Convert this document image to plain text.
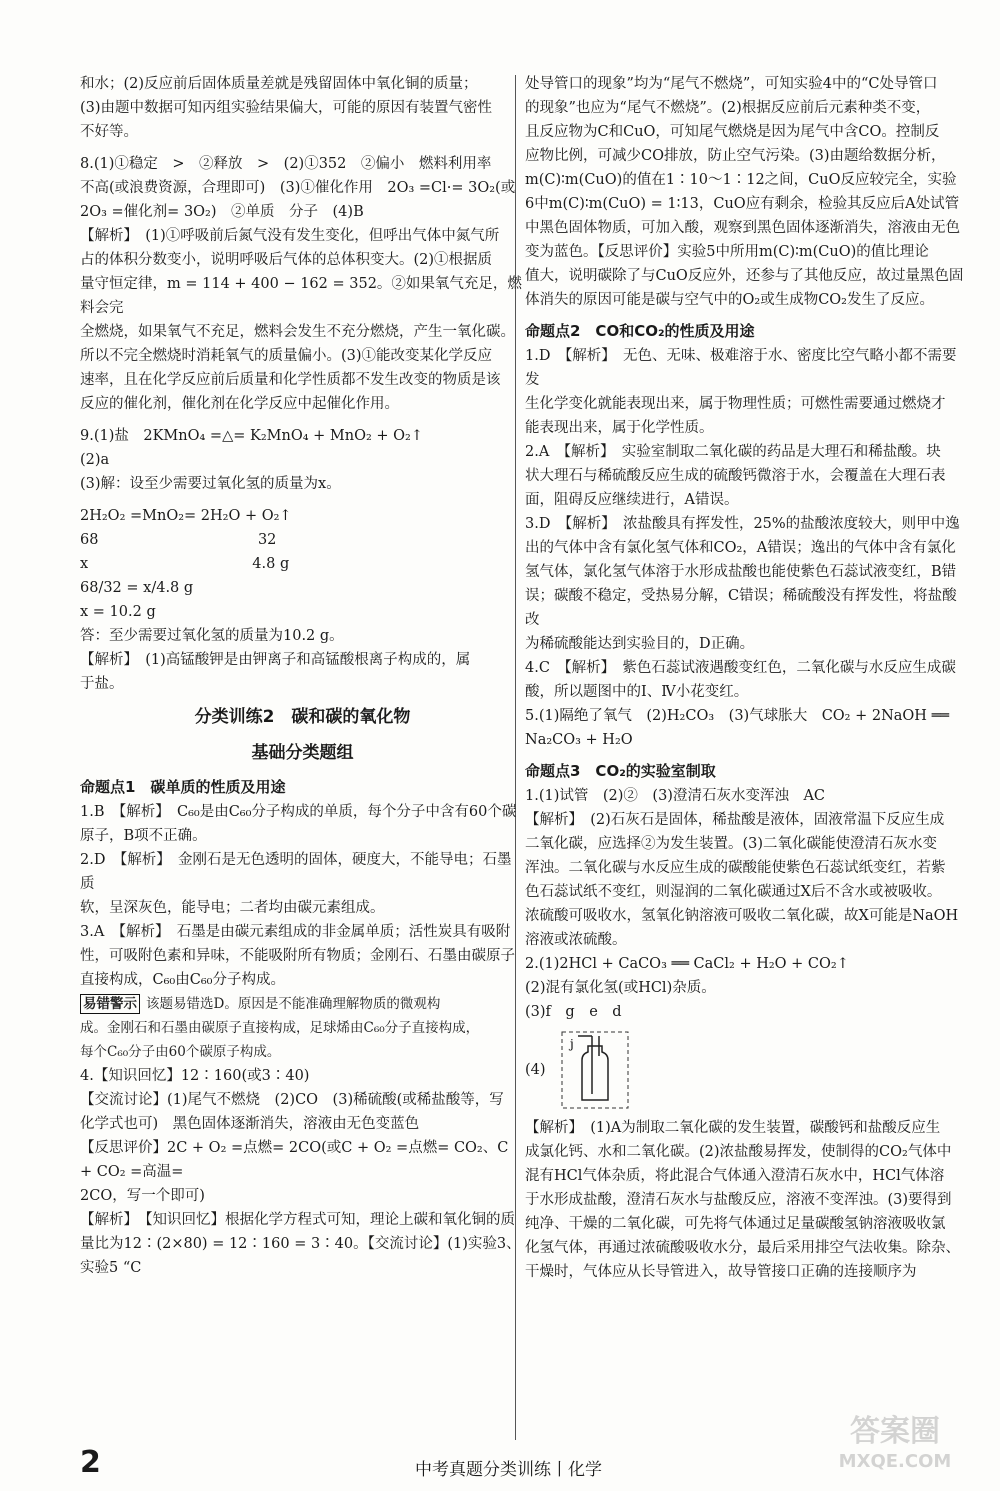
和水；(2)反应前后固体质量差就是残留固体中氧化铜的质量；
(3)由题中数据可知丙组实验结果偏大，可能的原因有装置气密性
不好等。
8.(1)①稳定　>　②释放　>　(2)①352　②偏小　燃料利用率
不高(或浪费资源，合理即可)　(3)①催化作用　2O₃ =Cl·= 3O₂(或
2O₃ =催化剂= 3O₂)　②单质　分子　(4)B
【解析】　(1)①呼吸前后氮气没有发生变化，但呼出气体中氮气所
占的体积分数变小，说明呼吸后气体的总体积变大。(2)①根据质
量守恒定律，m = 114 + 400 − 162 = 352。②如果氧气充足，燃料会完
全燃烧，如果氧气不充足，燃料会发生不充分燃烧，产生一氧化碳。
所以不完全燃烧时消耗氧气的质量偏小。(3)①能改变某化学反应
速率，且在化学反应前后质量和化学性质都不发生改变的物质是该
反应的催化剂，催化剂在化学反应中起催化作用。
9.(1)盐　2KMnO₄ =△= K₂MnO₄ + MnO₂ + O₂↑
(2)a
(3)解：设至少需要过氧化氢的质量为x。
2H₂O₂ =MnO₂= 2H₂O + O₂↑
68　　　　　　　　　　　32
x　　　　　　　　　　　 4.8 g
68/32 = x/4.8 g
x = 10.2 g
答：至少需要过氧化氢的质量为10.2 g。
【解析】　(1)高锰酸钾是由钾离子和高锰酸根离子构成的，属
于盐。
分类训练2　碳和碳的氧化物
基础分类题组
命题点1　碳单质的性质及用途
1.B　【解析】　C₆₀是由C₆₀分子构成的单质，每个分子中含有60个碳
原子，B项不正确。
2.D　【解析】　金刚石是无色透明的固体，硬度大，不能导电；石墨质
软，呈深灰色，能导电；二者均由碳元素组成。
3.A　【解析】　石墨是由碳元素组成的非金属单质；活性炭具有吸附
性，可吸附色素和异味，不能吸附所有物质；金刚石、石墨由碳原子
直接构成，C₆₀由C₆₀分子构成。
易错警示 该题易错选D。原因是不能准确理解物质的微观构
成。金刚石和石墨由碳原子直接构成，足球烯由C₆₀分子直接构成，
每个C₆₀分子由60个碳原子构成。
4.【知识回忆】12∶160(或3∶40)
【交流讨论】(1)尾气不燃烧　(2)CO　(3)稀硫酸(或稀盐酸等，写
化学式也可)　黑色固体逐渐消失，溶液由无色变蓝色
【反思评价】2C + O₂ =点燃= 2CO(或C + O₂ =点燃= CO₂、C + CO₂ =高温=
2CO，写一个即可)
【解析】　【知识回忆】根据化学方程式可知，理论上碳和氧化铜的质
量比为12∶(2×80) = 12∶160 = 3∶40。【交流讨论】(1)实验3、实验5 “C
处导管口的现象”均为“尾气不燃烧”，可知实验4中的“C处导管口
的现象”也应为“尾气不燃烧”。(2)根据反应前后元素种类不变，
且反应物为C和CuO，可知尾气燃烧是因为尾气中含CO。控制反
应物比例，可减少CO排放，防止空气污染。(3)由题给数据分析，
m(C)∶m(CuO)的值在1∶10～1∶12之间，CuO反应较完全，实验
6中m(C)∶m(CuO) = 1∶13，CuO应有剩余，检验其反应后A处试管
中黑色固体物质，可加入酸，观察到黑色固体逐渐消失，溶液由无色
变为蓝色。【反思评价】实验5中所用m(C)∶m(CuO)的值比理论
值大，说明碳除了与CuO反应外，还参与了其他反应，故过量黑色固
体消失的原因可能是碳与空气中的O₂或生成物CO₂发生了反应。
命题点2　CO和CO₂的性质及用途
1.D　【解析】　无色、无味、极难溶于水、密度比空气略小都不需要发
生化学变化就能表现出来，属于物理性质；可燃性需要通过燃烧才
能表现出来，属于化学性质。
2.A　【解析】　实验室制取二氧化碳的药品是大理石和稀盐酸。块
状大理石与稀硫酸反应生成的硫酸钙微溶于水，会覆盖在大理石表
面，阻碍反应继续进行，A错误。
3.D　【解析】　浓盐酸具有挥发性，25%的盐酸浓度较大，则甲中逸
出的气体中含有氯化氢气体和CO₂，A错误；逸出的气体中含有氯化
氢气体，氯化氢气体溶于水形成盐酸也能使紫色石蕊试液变红，B错
误；碳酸不稳定，受热易分解，C错误；稀硫酸没有挥发性，将盐酸改
为稀硫酸能达到实验目的，D正确。
4.C　【解析】　紫色石蕊试液遇酸变红色，二氧化碳与水反应生成碳
酸，所以题图中的Ⅰ、Ⅳ小花变红。
5.(1)隔绝了氧气　(2)H₂CO₃　(3)气球胀大　CO₂ + 2NaOH ══
Na₂CO₃ + H₂O
命题点3　CO₂的实验室制取
1.(1)试管　(2)②　(3)澄清石灰水变浑浊　AC
【解析】　(2)石灰石是固体，稀盐酸是液体，固液常温下反应生成
二氧化碳，应选择②为发生装置。(3)二氧化碳能使澄清石灰水变
浑浊。二氧化碳与水反应生成的碳酸能使紫色石蕊试纸变红，若紫
色石蕊试纸不变红，则湿润的二氧化碳通过X后不含水或被吸收。
浓硫酸可吸收水，氢氧化钠溶液可吸收二氧化碳，故X可能是NaOH
溶液或浓硫酸。
2.(1)2HCl + CaCO₃ ══ CaCl₂ + H₂O + CO₂↑
(2)混有氯化氢(或HCl)杂质。
(3)f　g　e　d
(4)
j
【解析】　(1)A为制取二氧化碳的发生装置，碳酸钙和盐酸反应生
成氯化钙、水和二氧化碳。(2)浓盐酸易挥发，使制得的CO₂气体中
混有HCl气体杂质，将此混合气体通入澄清石灰水中，HCl气体溶
于水形成盐酸，澄清石灰水与盐酸反应，溶液不变浑浊。(3)要得到
纯净、干燥的二氧化碳，可先将气体通过足量碳酸氢钠溶液吸收氯
化氢气体，再通过浓硫酸吸收水分，最后采用排空气法收集。除杂、
干燥时，气体应从长导管进入，故导管接口正确的连接顺序为
2	中考真题分类训练丨化学
答案圈
MXQE.COM
